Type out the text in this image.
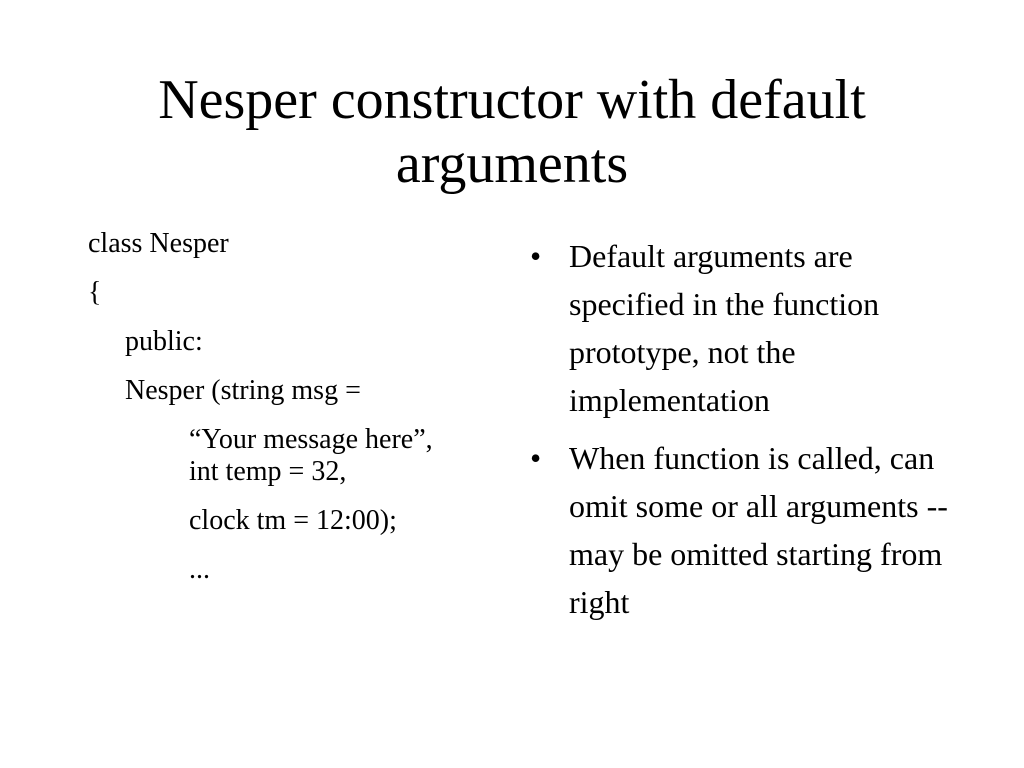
Nesper constructor with default arguments
class Nesper
{
public:
Nesper (string msg =
“Your message here”,
int temp = 32,
clock tm = 12:00);
...
• Default arguments are specified in the function prototype, not the implementation
• When function is called, can omit some or all arguments -- may be omitted starting from right
